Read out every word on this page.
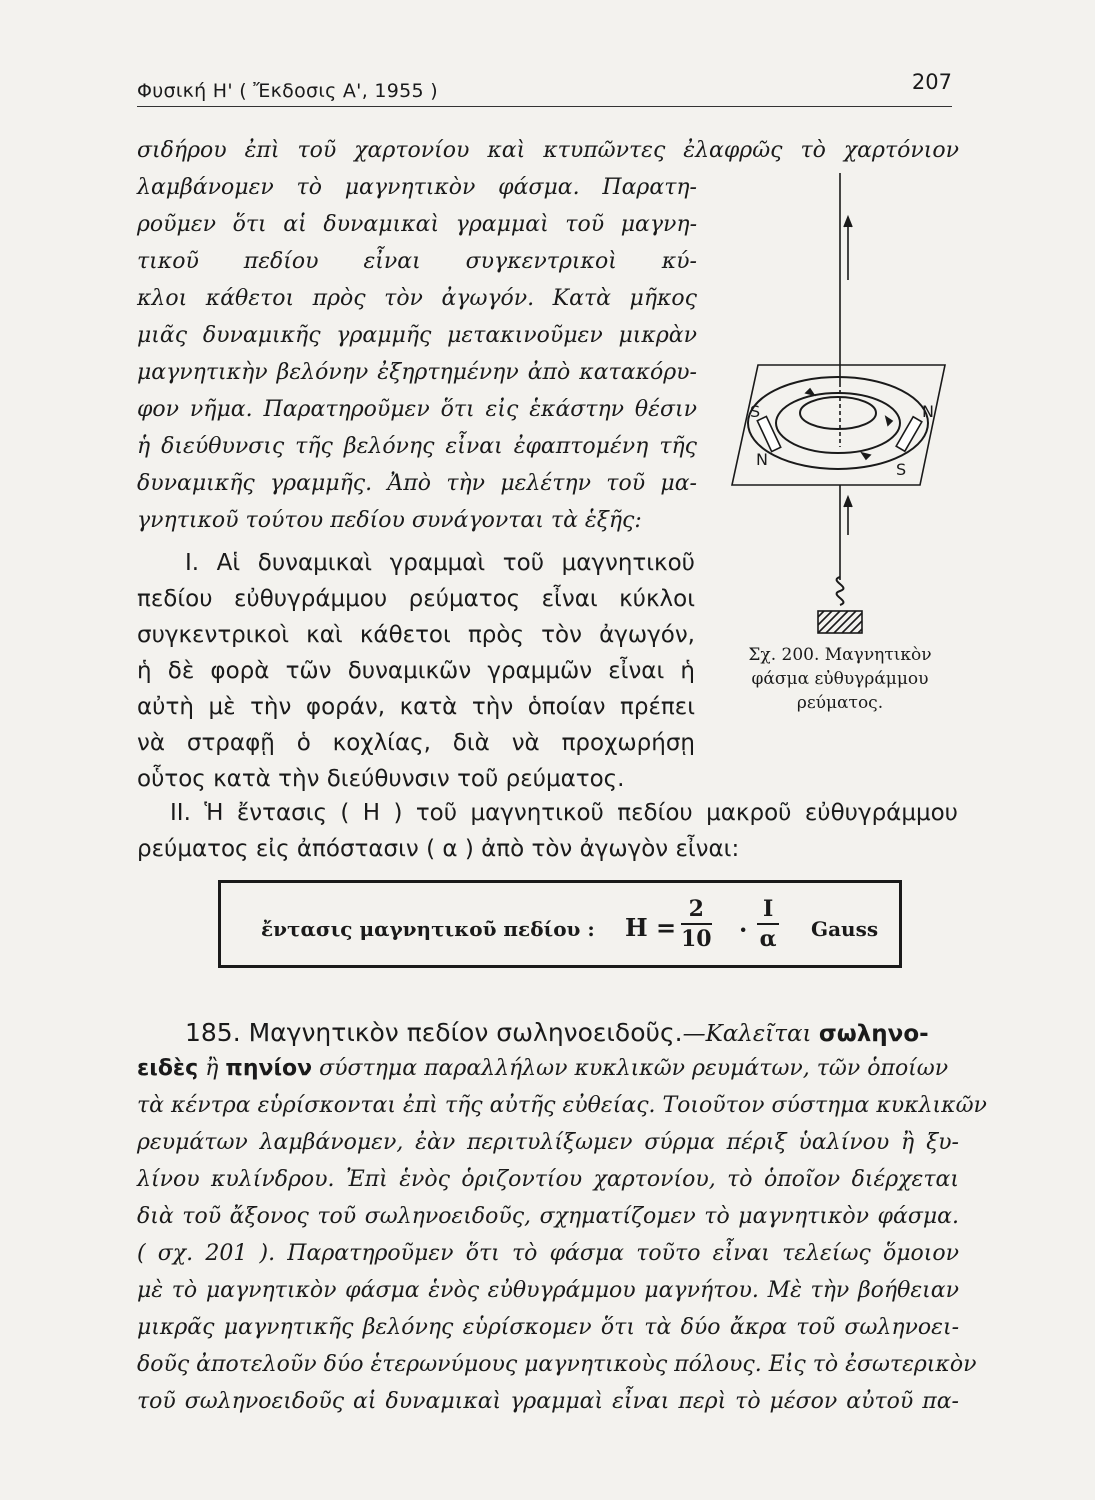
Φυσική Η' ( Ἔκδοσις Α', 1955 )	207
σιδήρου ἐπὶ τοῦ χαρτονίου καὶ κτυπῶντες ἐλαφρῶς τὸ χαρτόνιον
λαμβάνομεν τὸ μαγνητικὸν φάσμα. Παρατη-
ροῦμεν ὅτι αἱ δυναμικαὶ γραμμαὶ τοῦ μαγνη-
τικοῦ πεδίου εἶναι συγκεντρικοὶ κύ-
κλοι κάθετοι πρὸς τὸν ἀγωγόν. Κατὰ μῆκος
μιᾶς δυναμικῆς γραμμῆς μετακινοῦμεν μικρὰν
μαγνητικὴν βελόνην ἐξηρτημένην ἀπὸ κατακόρυ-
φον νῆμα. Παρατηροῦμεν ὅτι εἰς ἑκάστην θέσιν
ἡ διεύθυνσις τῆς βελόνης εἶναι ἐφαπτομένη τῆς
δυναμικῆς γραμμῆς. Ἀπὸ τὴν μελέτην τοῦ μα-
γνητικοῦ τούτου πεδίου συνάγονται τὰ ἑξῆς:
I. Αἱ δυναμικαὶ γραμμαὶ τοῦ μαγνητικοῦ
πεδίου εὐθυγράμμου ρεύματος εἶναι κύκλοι
συγκεντρικοὶ καὶ κάθετοι πρὸς τὸν ἀγωγόν,
ἡ δὲ φορὰ τῶν δυναμικῶν γραμμῶν εἶναι ἡ
αὐτὴ μὲ τὴν φοράν, κατὰ τὴν ὁποίαν πρέπει
νὰ στραφῇ ὁ κοχλίας, διὰ νὰ προχωρήσῃ
οὗτος κατὰ τὴν διεύθυνσιν τοῦ ρεύματος.
II. Ἡ ἔντασις ( Η ) τοῦ μαγνητικοῦ πεδίου μακροῦ εὐθυγράμμου
ρεύματος εἰς ἀπόστασιν ( α ) ἀπὸ τὸν ἀγωγὸν εἶναι:
S	N
N
S
Σχ. 200. Μαγνητικὸν φάσμα εὐθυγράμμου ρεύματος.
ἔντασις μαγνητικοῦ πεδίου : $H = \frac{2}{10} \cdot \frac{I}{\alpha}$ Gauss
185. Μαγνητικὸν πεδίον σωληνοειδοῦς.—Καλεῖται σωληνο-
ειδὲς ἢ πηνίον σύστημα παραλλήλων κυκλικῶν ρευμάτων, τῶν ὁποίων
τὰ κέντρα εὑρίσκονται ἐπὶ τῆς αὐτῆς εὐθείας. Τοιοῦτον σύστημα κυκλικῶν
ρευμάτων λαμβάνομεν, ἐὰν περιτυλίξωμεν σύρμα πέριξ ὑαλίνου ἢ ξυ-
λίνου κυλίνδρου. Ἐπὶ ἑνὸς ὁριζοντίου χαρτονίου, τὸ ὁποῖον διέρχεται
διὰ τοῦ ἄξονος τοῦ σωληνοειδοῦς, σχηματίζομεν τὸ μαγνητικὸν φάσμα.
( σχ. 201 ). Παρατηροῦμεν ὅτι τὸ φάσμα τοῦτο εἶναι τελείως ὅμοιον
μὲ τὸ μαγνητικὸν φάσμα ἑνὸς εὐθυγράμμου μαγνήτου. Μὲ τὴν βοήθειαν
μικρᾶς μαγνητικῆς βελόνης εὑρίσκομεν ὅτι τὰ δύο ἄκρα τοῦ σωληνοει-
δοῦς ἀποτελοῦν δύο ἑτερωνύμους μαγνητικοὺς πόλους. Εἰς τὸ ἐσωτερικὸν
τοῦ σωληνοειδοῦς αἱ δυναμικαὶ γραμμαὶ εἶναι περὶ τὸ μέσον αὐτοῦ πα-
